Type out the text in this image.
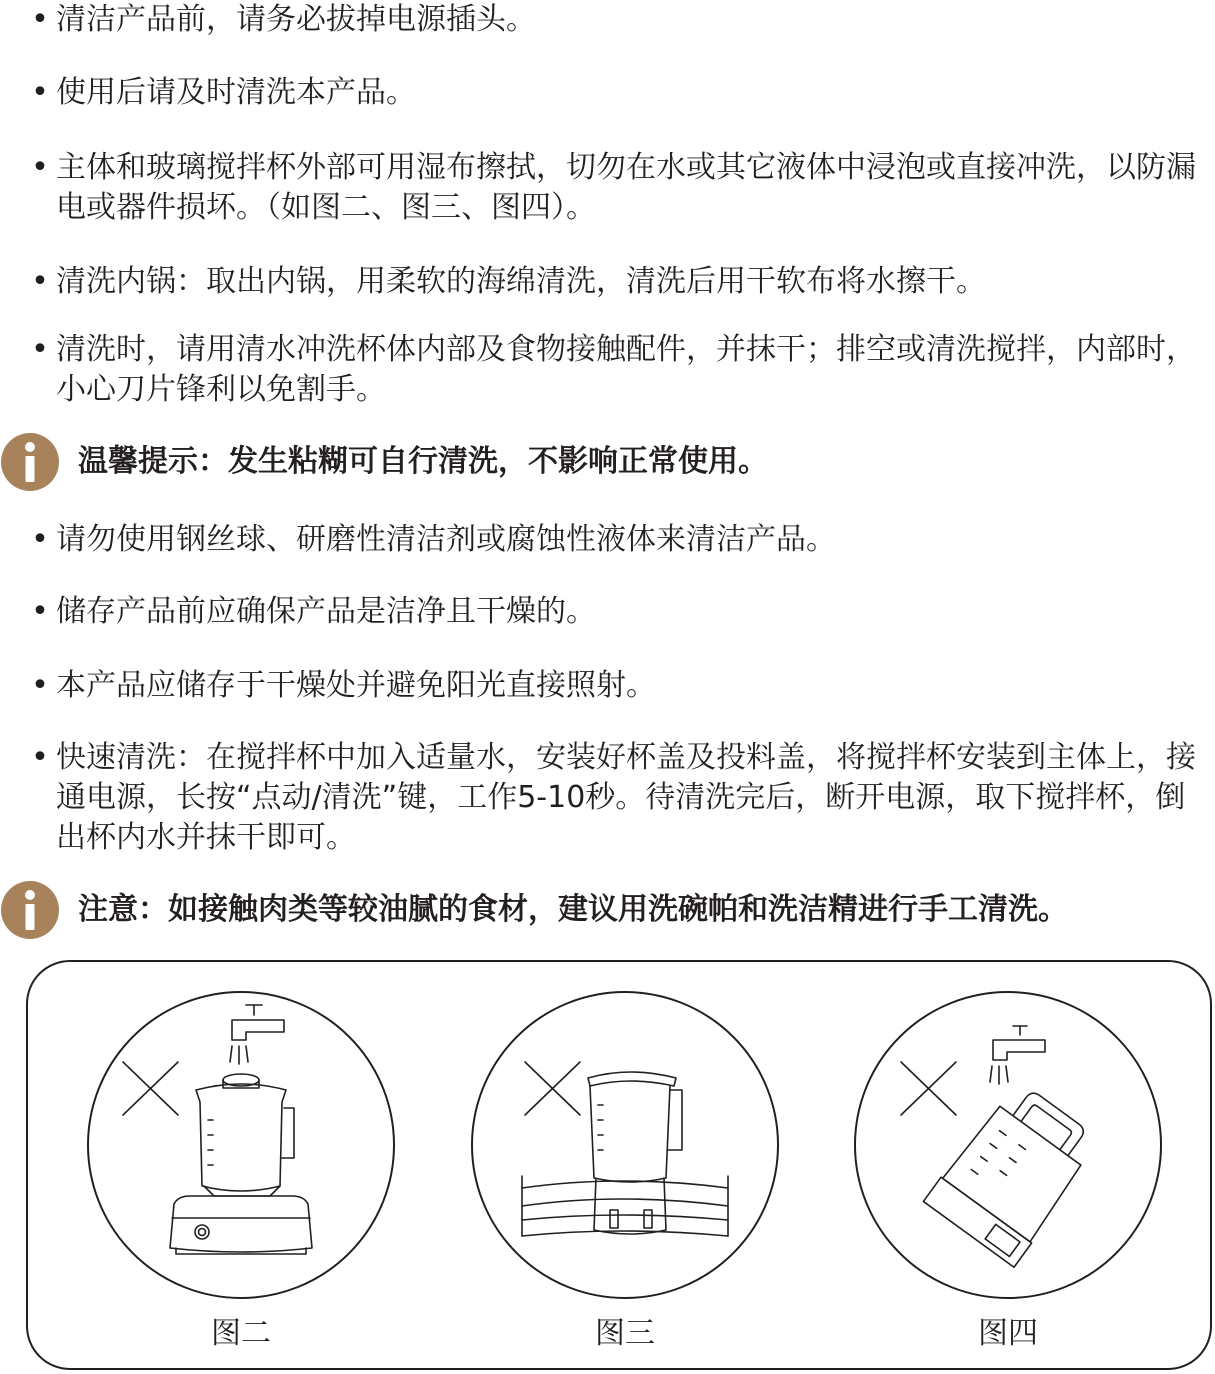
• 清洁产品前，请务必拔掉电源插头。
• 使用后请及时清洗本产品。
• 主体和玻璃搅拌杯外部可用湿布擦拭，切勿在水或其它液体中浸泡或直接冲洗，以防漏电或器件损坏。（如图二、图三、图四）。
• 清洗内锅：取出内锅，用柔软的海绵清洗，清洗后用干软布将水擦干。
• 清洗时，请用清水冲洗杯体内部及食物接触配件，并抹干；排空或清洗搅拌，内部时，小心刀片锋利以免割手。
温馨提示：发生粘糊可自行清洗，不影响正常使用。
• 请勿使用钢丝球、研磨性清洁剂或腐蚀性液体来清洁产品。
• 储存产品前应确保产品是洁净且干燥的。
• 本产品应储存于干燥处并避免阳光直接照射。
• 快速清洗：在搅拌杯中加入适量水，安装好杯盖及投料盖，将搅拌杯安装到主体上，接通电源，长按“点动/清洗”键，工作5-10秒。待清洗完后，断开电源，取下搅拌杯，倒出杯内水并抹干即可。
注意：如接触肉类等较油腻的食材，建议用洗碗帕和洗洁精进行手工清洗。
图二	图三	图四
